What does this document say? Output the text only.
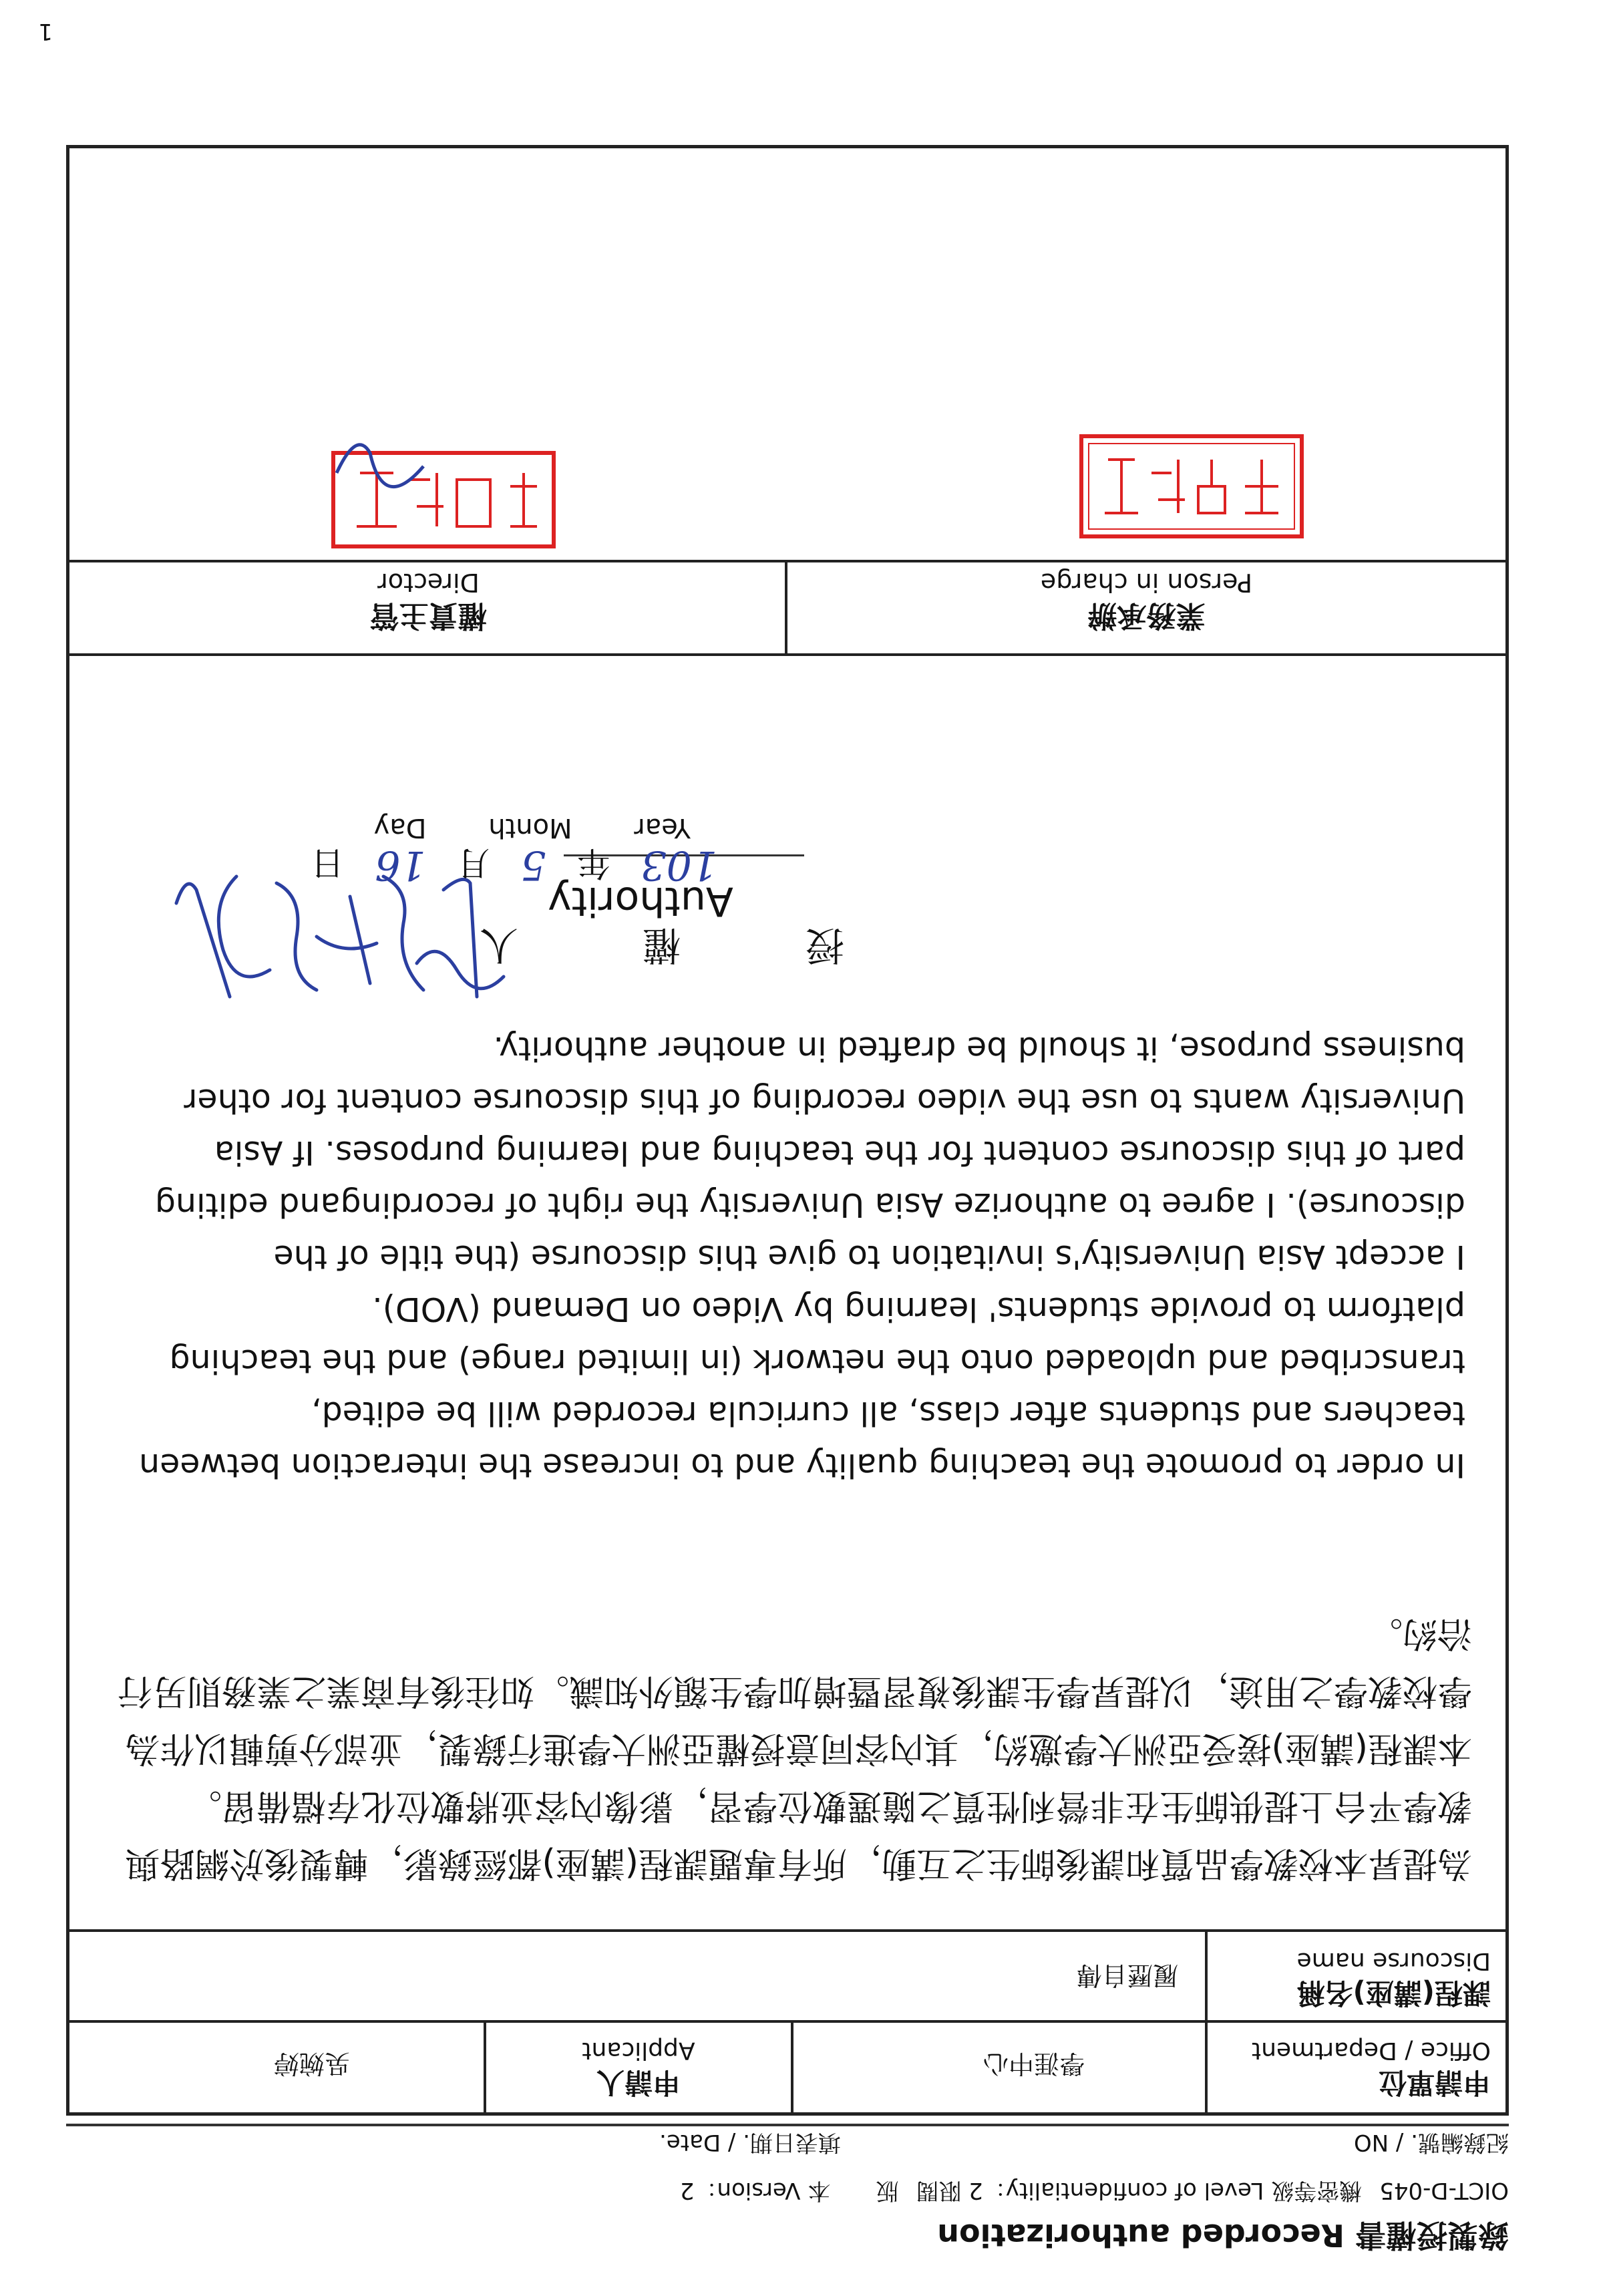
1
錄製授權書 Recorded authorization
OICT-D-045機密等級 Level of confidentiality：2 限閱版　　本 Version：2
紀錄編號. / NO
填表日期. / Date.
申請單位
Office / Department
學涯中心
申請人
Applicant
吳婉婷
課程(講座)名稱
Discourse name
履歷自傳

為提昇本校教學品質和課後師生之互動，所有專題課程(講座)都經錄影，轉製後於網路與教學平台上提供師生在非營利性質之隨選數位學習，影像內容並將數位化存檔備留。

本課程(講座)接受亞洲大學邀約，其內容同意授權亞洲大學進行錄製，並部分剪輯以作為學校教學之用途，以提昇學生課後複習暨增加學生額外知識。如往後有商業之業務則另行洽約。

In order to promote the teaching quality and to increase the interaction between teachers and students after class, all curricula recorded will be edited, transcribed and uploaded onto the network (in limited range) and the teaching platform to provide students' learning by Video on Demand (VOD).

I accept Asia University's invitation to give this discourse (the title of the discourse). I agree to authorize Asia University the right of recordingand editing part of this discourse content for the teaching and learning purposes. If Asia University wants to use the video recording of this discourse content for other business purpose, it should be drafted in another authority.

授　權　人
Authority
103 年 5 月 16 日
Year Month Day
業務承辦
Person in charge
權責主管
Director
